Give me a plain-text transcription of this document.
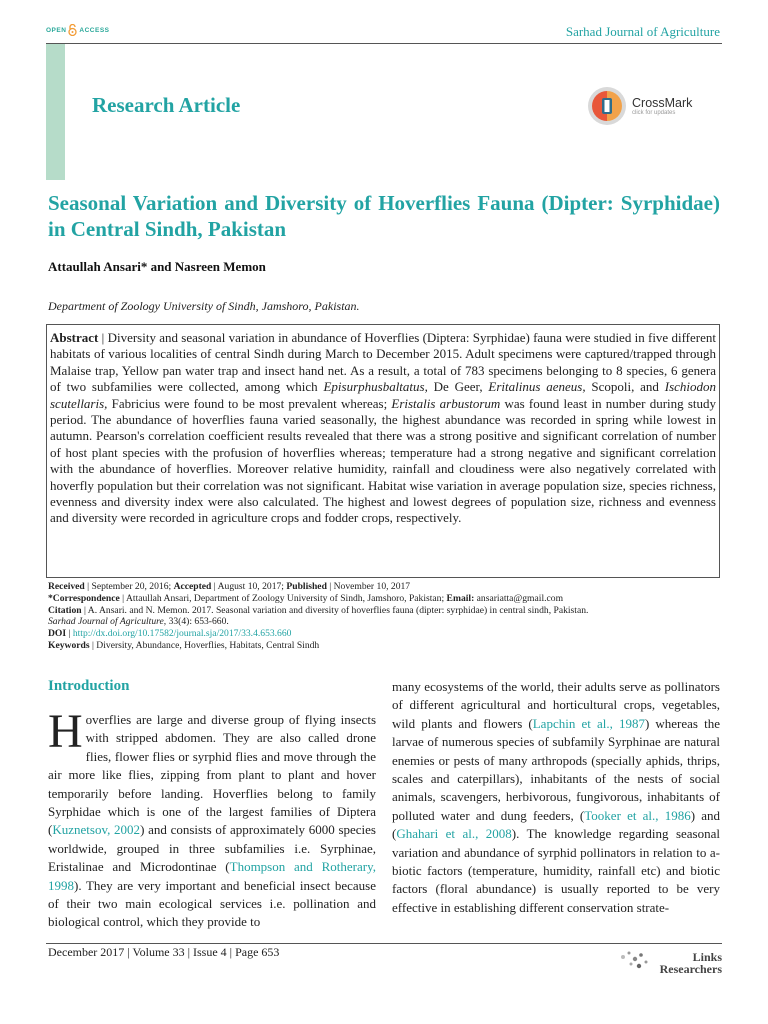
OPEN ACCESS	Sarhad Journal of Agriculture
Research Article	CrossMark
click for updates
Seasonal Variation and Diversity of Hoverflies Fauna (Dipter: Syrphidae) in Central Sindh, Pakistan
Attaullah Ansari* and Nasreen Memon
Department of Zoology University of Sindh, Jamshoro, Pakistan.
Abstract | Diversity and seasonal variation in abundance of Hoverflies (Diptera: Syrphidae) fauna were studied in five different habitats of various localities of central Sindh during March to December 2015. Adult specimens were captured/trapped through Malaise trap, Yellow pan water trap and insect hand net. As a result, a total of 783 specimens belonging to 8 species, 6 genera of two subfamilies were collected, among which Episurphusbaltatus, De Geer, Eritalinus aeneus, Scopoli, and Ischiodon scutellaris, Fabricius were found to be most prevalent whereas; Eristalis arbustorum was found least in number during study period. The abundance of hoverflies fauna varied seasonally, the highest abundance was recorded in spring while lowest in autumn. Pearson's correlation coefficient results revealed that there was a strong positive and significant correlation of number of host plant species with the profusion of hoverflies whereas; temperature had a strong negative and significant correlation with the abundance of hoverflies. Moreover relative humidity, rainfall and cloudiness were also negatively correlated with hoverfly population but their correlation was not significant. Habitat wise variation in average population size, species richness, evenness and diversity index were also calculated. The highest and lowest degrees of population size, richness and evenness and diversity were recorded in agriculture crops and fodder crops, respectively.
Received | September 20, 2016; Accepted | August 10, 2017; Published | November 10, 2017
*Correspondence | Attaullah Ansari, Department of Zoology University of Sindh, Jamshoro, Pakistan; Email: ansariatta@gmail.com
Citation | A. Ansari. and N. Memon. 2017. Seasonal variation and diversity of hoverflies fauna (dipter: syrphidae) in central sindh, Pakistan.
Sarhad Journal of Agriculture, 33(4): 653-660.
DOI | http://dx.doi.org/10.17582/journal.sja/2017/33.4.653.660
Keywords | Diversity, Abundance, Hoverflies, Habitats, Central Sindh
Introduction
Hoverflies are large and diverse group of flying insects with stripped abdomen. They are also called drone flies, flower flies or syrphid flies and move through the air more like flies, zipping from plant to plant and hover temporarily before landing. Hoverflies belong to family Syrphidae which is one of the largest families of Diptera (Kuznetsov, 2002) and consists of approximately 6000 species worldwide, grouped in three subfamilies i.e. Syrphinae, Eristalinae and Microdontinae (Thompson and Rotherary, 1998). They are very important and beneficial insect because of their two main ecological services i.e. pollination and biological control, which they provide to
many ecosystems of the world, their adults serve as pollinators of different agricultural and horticultural crops, vegetables, wild plants and flowers (Lapchin et al., 1987) whereas the larvae of numerous species of subfamily Syrphinae are natural enemies or pests of many arthropods (specially aphids, thrips, scales and caterpillars), inhabitants of the nests of social animals, scavengers, herbivorous, fungivorous, inhabitants of polluted water and dung feeders, (Tooker et al., 1986) and (Ghahari et al., 2008). The knowledge regarding seasonal variation and abundance of syrphid pollinators in relation to a-biotic factors (temperature, humidity, rainfall etc) and biotic factors (floral abundance) is usually reported to be very effective in establishing different conservation strate-
December 2017 | Volume 33 | Issue 4 | Page 653	Links
Researchers
